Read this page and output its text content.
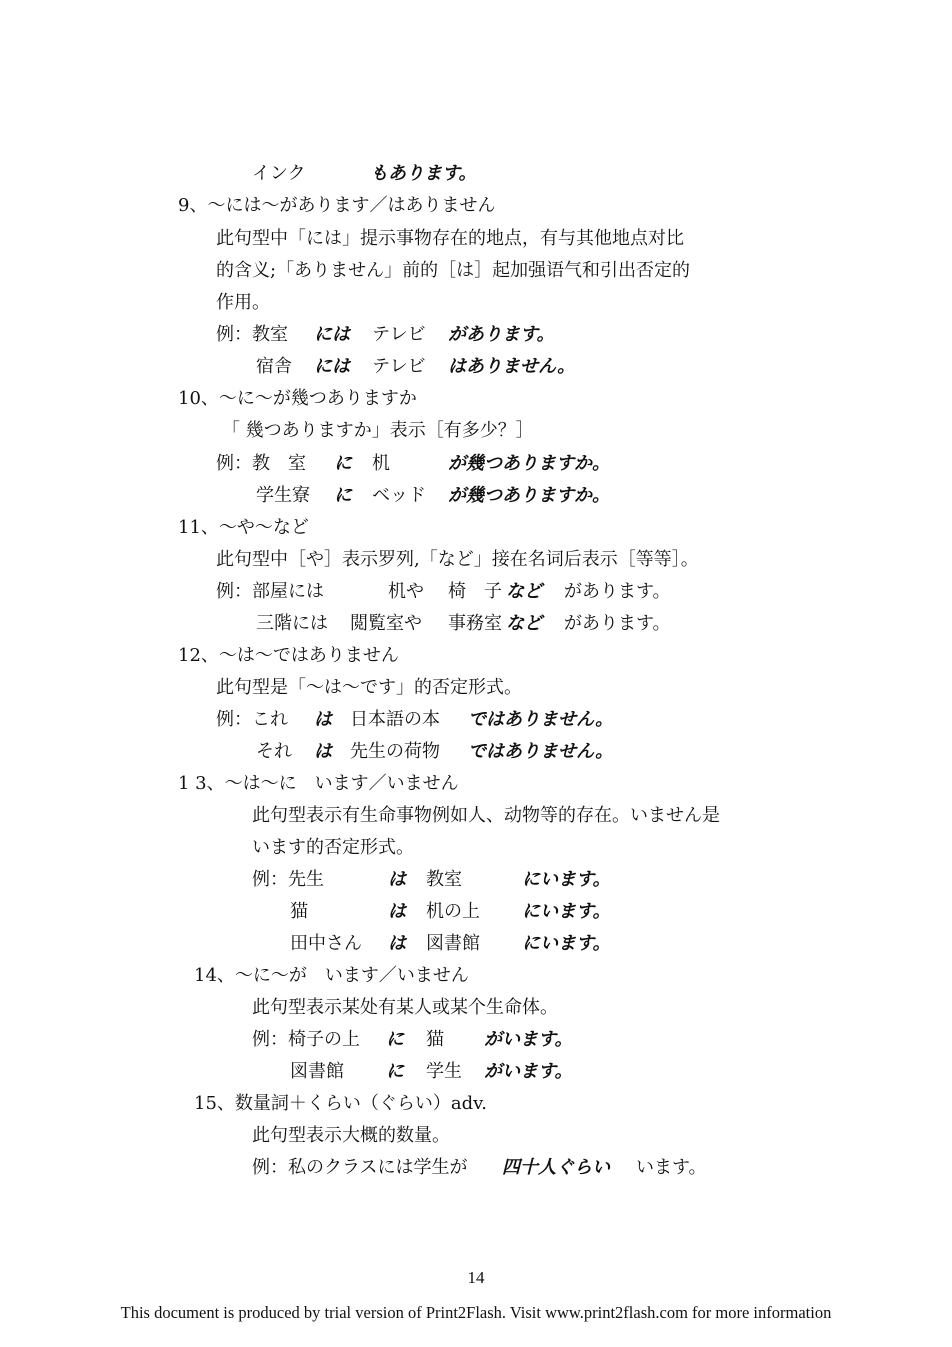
インク	もあります。
9、〜には〜があります／はありません
此句型中「には」提示事物存在的地点，有与其他地点对比
的含义;「ありません」前的［は］起加强语气和引出否定的
作用。
例：教室 には テレビ があります。
宿舎 には テレビ はありません。
10、〜に〜が幾つありますか
「 幾つありますか」表示［有多少？］
例：教　室 に 机	が幾つありますか。
学生寮 に ベッド が幾つありますか。
11、〜や〜など
此句型中［や］表示罗列,「など」接在名词后表示［等等］。
例：部屋には	机や 椅　子 など があります。
三階には 閲覧室や 事務室 など があります。
12、〜は〜ではありません
此句型是「〜は〜です」的否定形式。
例：これ は 日本語の本 ではありません。
それ は 先生の荷物 ではありません。
1 3、〜は〜に　います／いません
此句型表示有生命事物例如人、动物等的存在。いません是
います的否定形式。
例：先生	は 教室	にいます。
猫	は 机の上 にいます。
田中さん は 図書館 にいます。
14、〜に〜が　います／いません
此句型表示某处有某人或某个生命体。
例：椅子の上 に 猫 がいます。
図書館 に 学生 がいます。
15、数量詞＋くらい（ぐらい）adv.
此句型表示大概的数量。
例：私のクラスには学生が 四十人ぐらい います。
14
This document is produced by trial version of Print2Flash. Visit www.print2flash.com for more information
